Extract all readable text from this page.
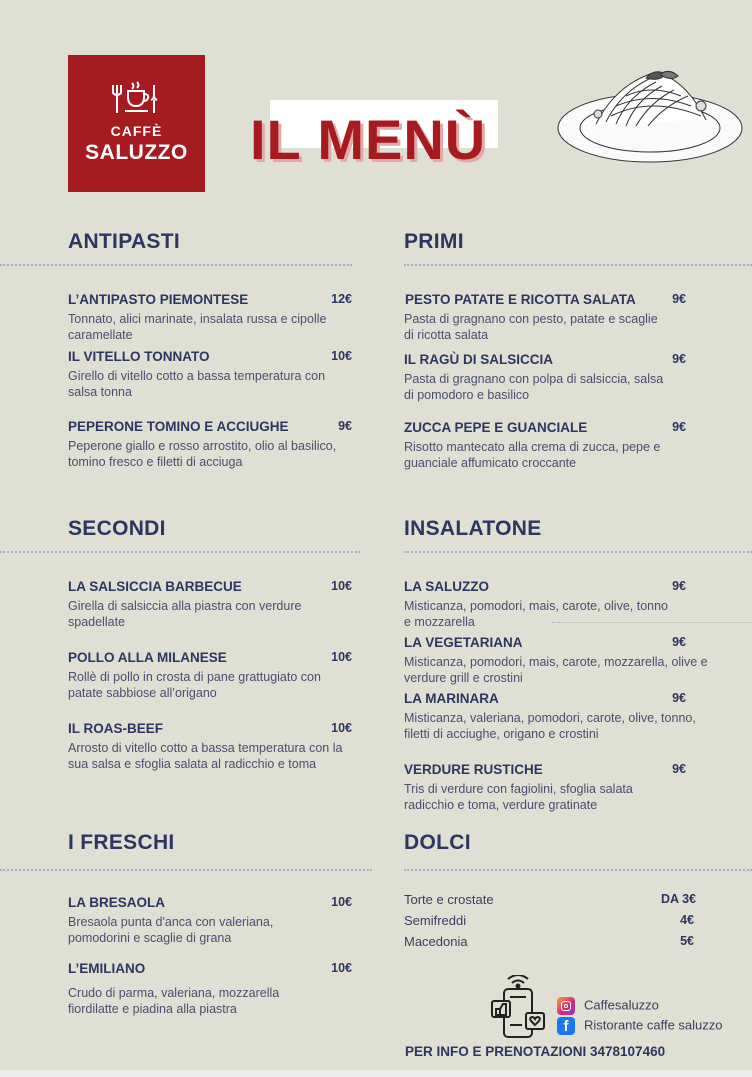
CAFFÈ
SALUZZO	IL MENÙ
ANTIPASTI
L’ANTIPASTO PIEMONTESE	12€
Tonnato, alici marinate, insalata russa e cipolle caramellate
IL VITELLO TONNATO	10€
Girello di vitello cotto a bassa temperatura con salsa tonna
PEPERONE TOMINO E ACCIUGHE	9€
Peperone giallo e rosso arrostito, olio al basilico, tomino fresco e filetti di acciuga
PRIMI
PESTO PATATE E RICOTTA SALATA	9€
Pasta di gragnano con pesto, patate e scaglie di ricotta salata
IL RAGÙ DI SALSICCIA	9€
Pasta di gragnano con polpa di salsiccia, salsa di pomodoro e basilico
ZUCCA PEPE E GUANCIALE	9€
Risotto mantecato alla crema di zucca, pepe e guanciale affumicato croccante
SECONDI
LA SALSICCIA BARBECUE	10€
Girella di salsiccia alla piastra con verdure spadellate
POLLO ALLA MILANESE	10€
Rollè di pollo in crosta di pane grattugiato con patate sabbiose all’origano
IL ROAS-BEEF	10€
Arrosto di vitello cotto a bassa temperatura con la sua salsa e sfoglia salata al radicchio e toma
INSALATONE
LA SALUZZO	9€
Misticanza, pomodori, mais, carote, olive, tonno e mozzarella
LA VEGETARIANA	9€
Misticanza, pomodori, mais, carote, mozzarella, olive e verdure grill e crostini
LA MARINARA	9€
Misticanza, valeriana, pomodori, carote, olive, tonno, filetti di acciughe, origano e crostini
VERDURE RUSTICHE	9€
Tris di verdure con fagiolini, sfoglia salata radicchio e toma, verdure gratinate
I FRESCHI
LA BRESAOLA	10€
Bresaola punta d'anca con valeriana, pomodorini e scaglie di grana
L’EMILIANO	10€
Crudo di parma, valeriana, mozzarella fiordilatte e piadina alla piastra
DOLCI
Torte e crostate	DA 3€
Semifreddi	4€
Macedonia	5€
Caffesaluzzo
f Ristorante caffe saluzzo
PER INFO E PRENOTAZIONI 3478107460
